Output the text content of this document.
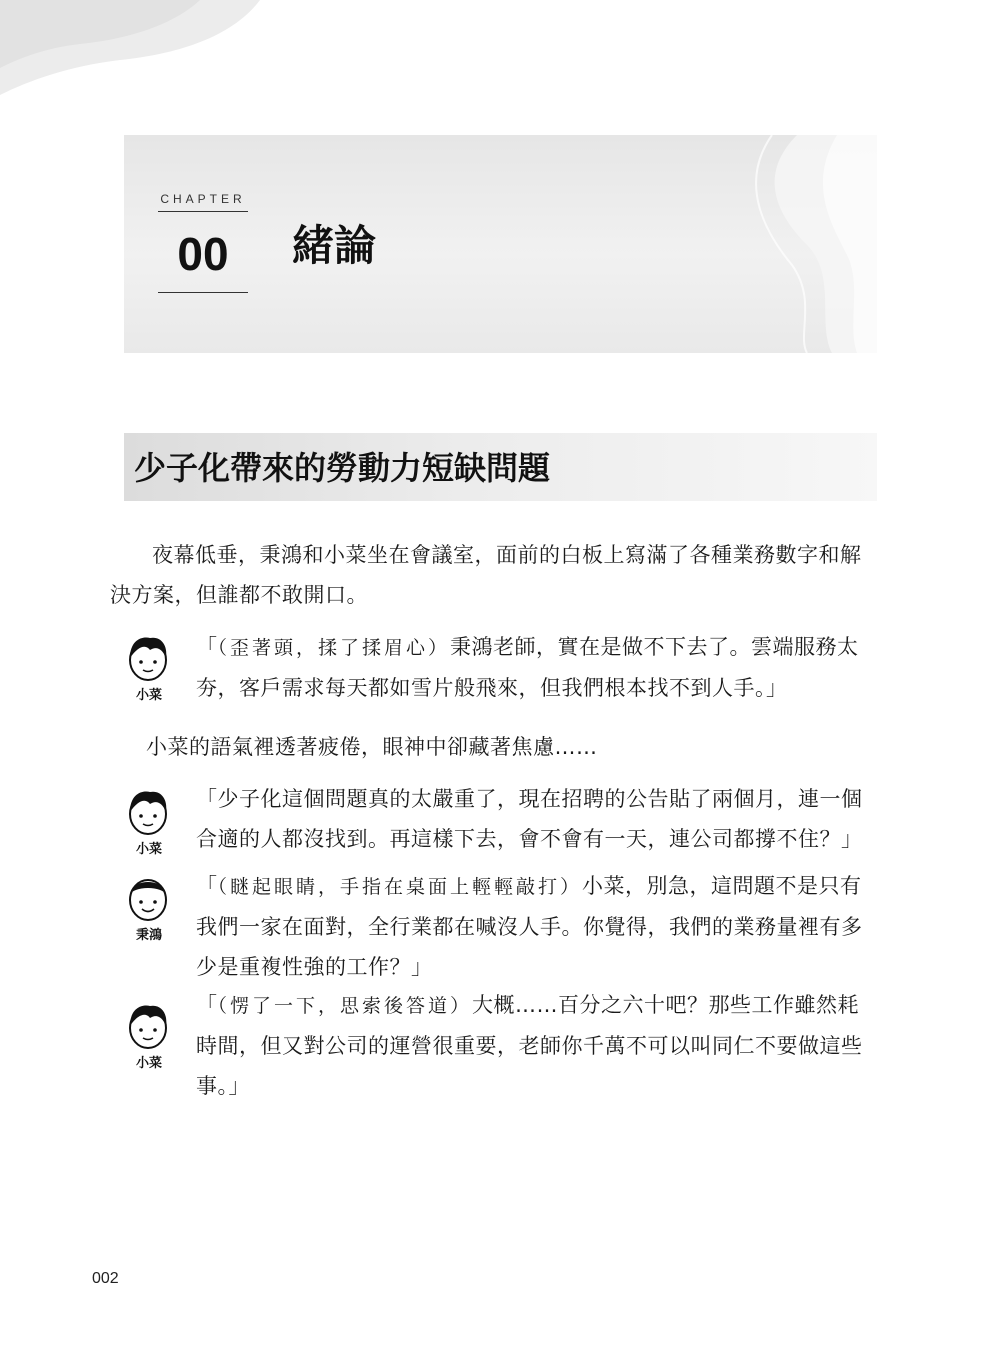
CHAPTER
00	緒論
少子化帶來的勞動力短缺問題

夜幕低垂，秉鴻和小菜坐在會議室，面前的白板上寫滿了各種業務數字和解決方案，但誰都不敢開口。

小菜

「（歪著頭，揉了揉眉心）秉鴻老師，實在是做不下去了。雲端服務太夯，客戶需求每天都如雪片般飛來，但我們根本找不到人手。」

小菜的語氣裡透著疲倦，眼神中卻藏著焦慮……

小菜

「少子化這個問題真的太嚴重了，現在招聘的公告貼了兩個月，連一個合適的人都沒找到。再這樣下去，會不會有一天，連公司都撐不住？」

秉鴻

「（瞇起眼睛，手指在桌面上輕輕敲打）小菜，別急，這問題不是只有我們一家在面對，全行業都在喊沒人手。你覺得，我們的業務量裡有多少是重複性強的工作？」

小菜

「（愣了一下，思索後答道）大概……百分之六十吧？那些工作雖然耗時間，但又對公司的運營很重要，老師你千萬不可以叫同仁不要做這些事。」

002
